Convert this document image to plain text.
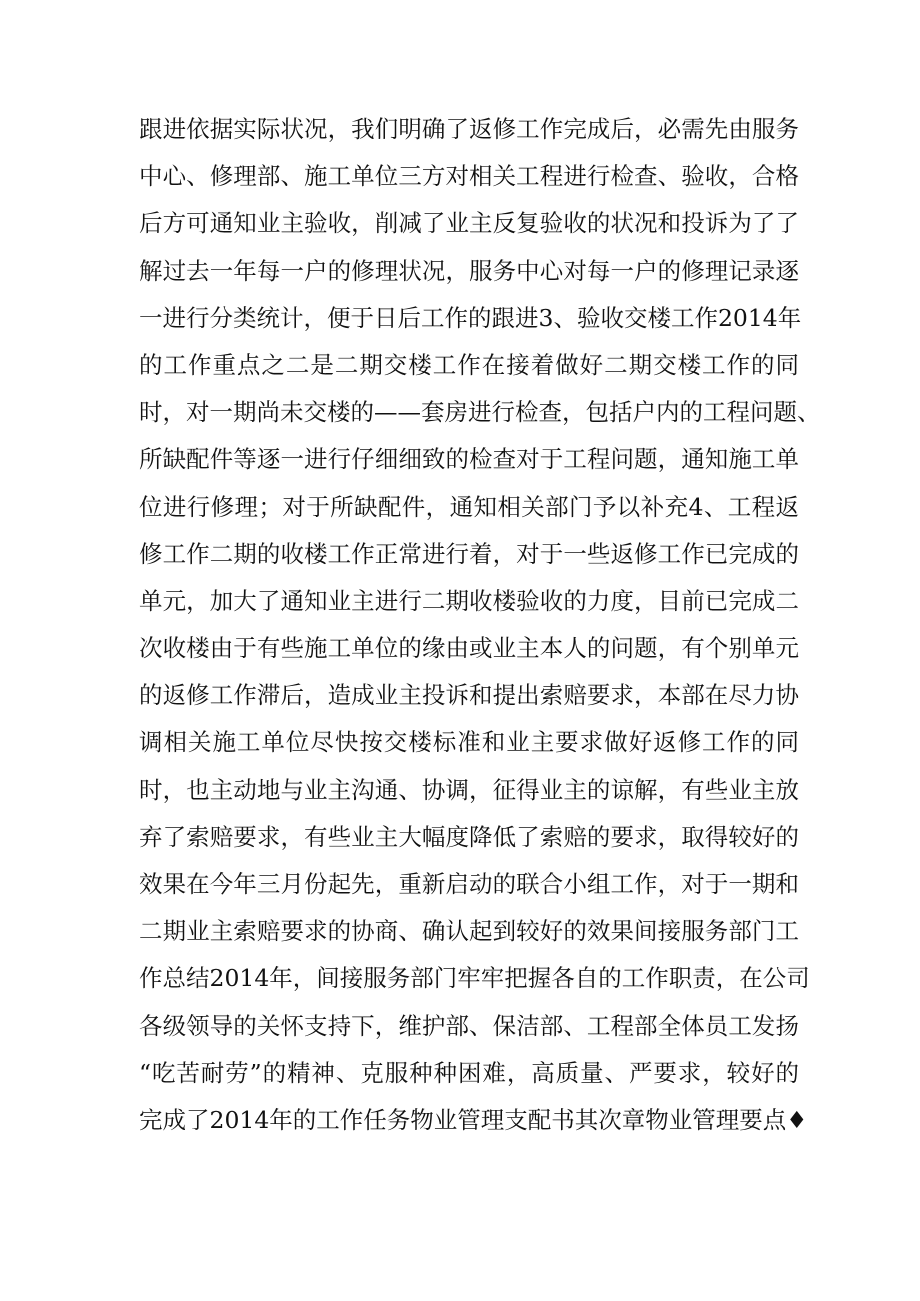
跟进依据实际状况，我们明确了返修工作完成后，必需先由服务
中心、修理部、施工单位三方对相关工程进行检查、验收，合格
后方可通知业主验收，削减了业主反复验收的状况和投诉为了了
解过去一年每一户的修理状况，服务中心对每一户的修理记录逐
一进行分类统计，便于日后工作的跟进3、验收交楼工作2014年
的工作重点之二是二期交楼工作在接着做好二期交楼工作的同
时，对一期尚未交楼的——套房进行检查，包括户内的工程问题、
所缺配件等逐一进行仔细细致的检查对于工程问题，通知施工单
位进行修理；对于所缺配件，通知相关部门予以补充4、工程返
修工作二期的收楼工作正常进行着，对于一些返修工作已完成的
单元，加大了通知业主进行二期收楼验收的力度，目前已完成二
次收楼由于有些施工单位的缘由或业主本人的问题，有个别单元
的返修工作滞后，造成业主投诉和提出索赔要求，本部在尽力协
调相关施工单位尽快按交楼标准和业主要求做好返修工作的同
时，也主动地与业主沟通、协调，征得业主的谅解，有些业主放
弃了索赔要求，有些业主大幅度降低了索赔的要求，取得较好的
效果在今年三月份起先，重新启动的联合小组工作，对于一期和
二期业主索赔要求的协商、确认起到较好的效果间接服务部门工
作总结2014年，间接服务部门牢牢把握各自的工作职责，在公司
各级领导的关怀支持下，维护部、保洁部、工程部全体员工发扬
“吃苦耐劳”的精神、克服种种困难，高质量、严要求，较好的
完成了2014年的工作任务物业管理支配书其次章物业管理要点♦
